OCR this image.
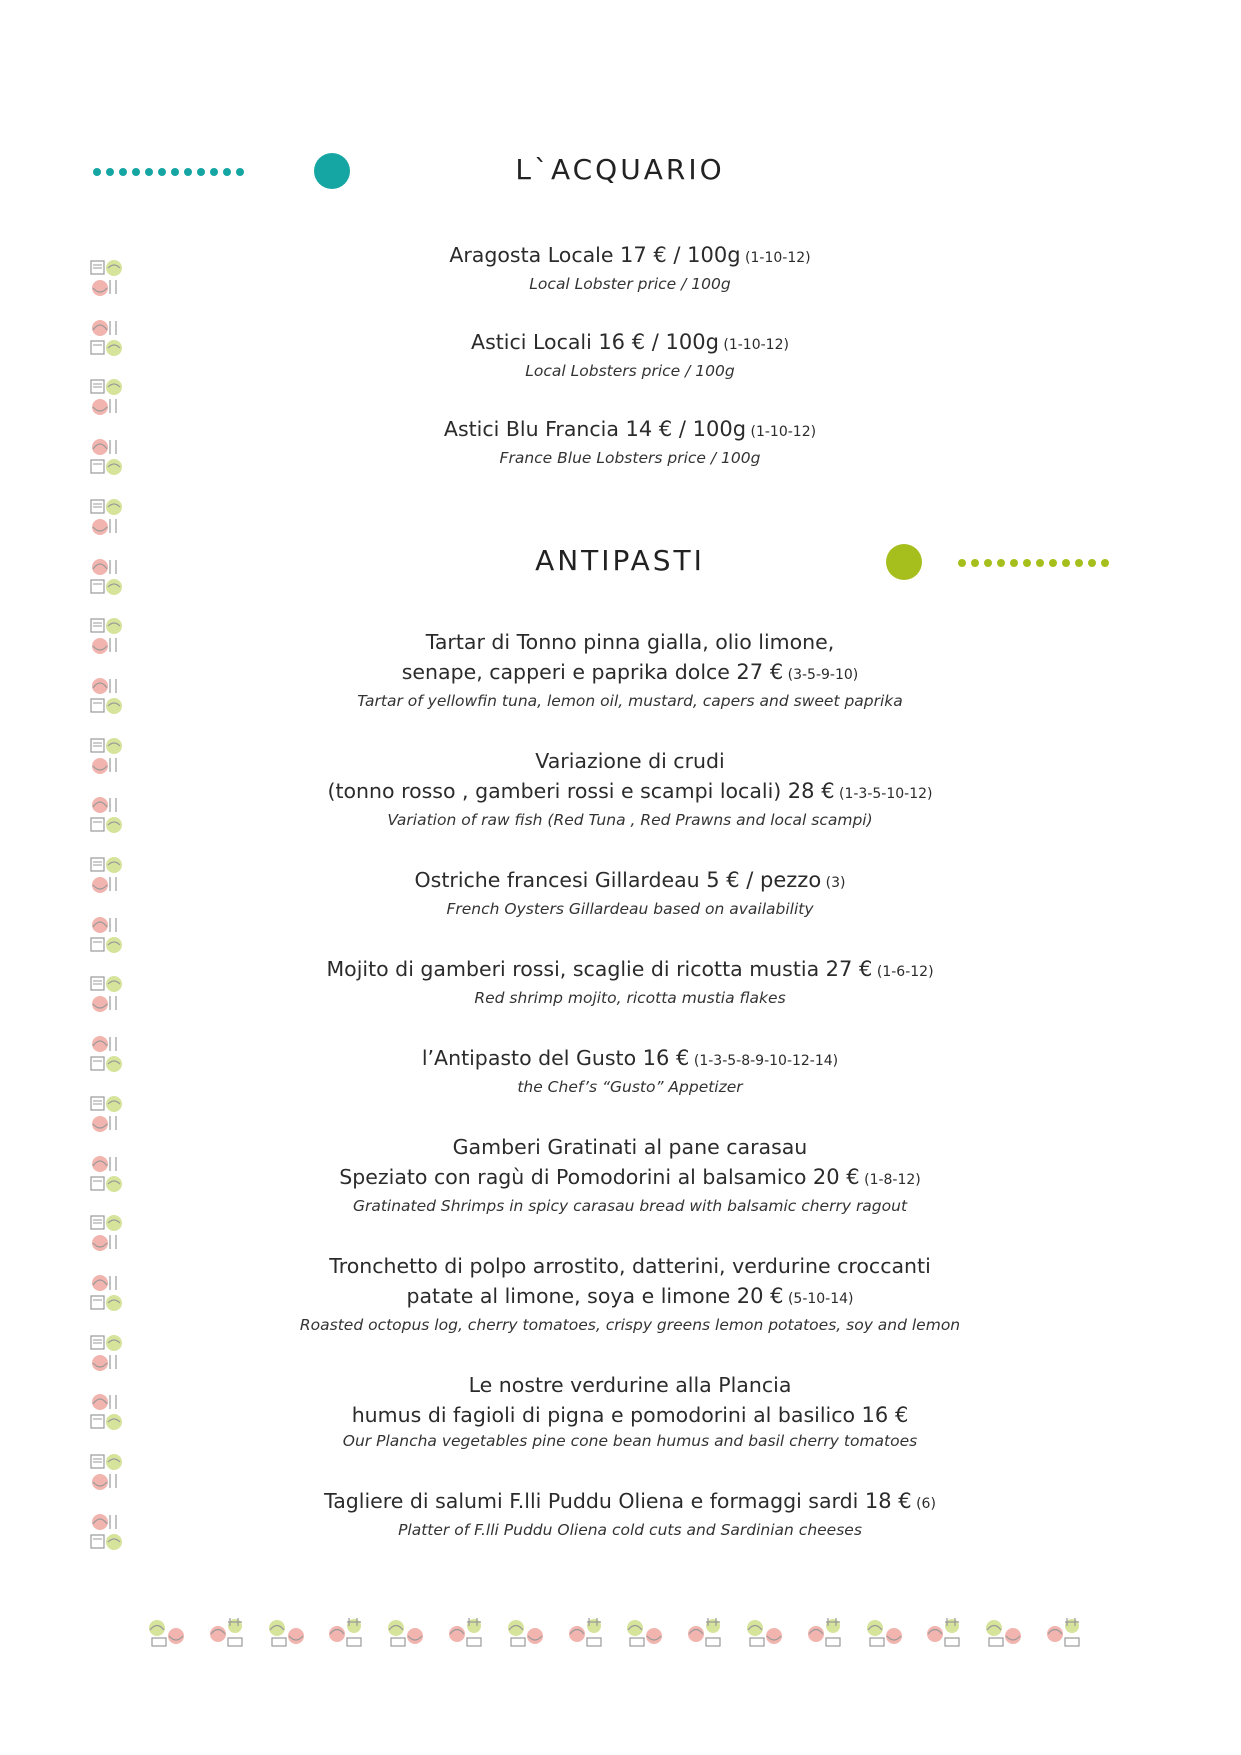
L`ACQUARIO
Aragosta Locale 17 € / 100g (1-10-12)
Local Lobster price / 100g
Astici Locali 16 € / 100g (1-10-12)
Local Lobsters price / 100g
Astici Blu Francia 14 € / 100g (1-10-12)
France Blue Lobsters price / 100g
ANTIPASTI
Tartar di Tonno pinna gialla, olio limone,
senape, capperi e paprika dolce 27 € (3-5-9-10)
Tartar of yellowfin tuna, lemon oil, mustard, capers and sweet paprika
Variazione di crudi
(tonno rosso , gamberi rossi e scampi locali) 28 € (1-3-5-10-12)
Variation of raw fish (Red Tuna , Red Prawns and local scampi)
Ostriche francesi Gillardeau 5 € / pezzo (3)
French Oysters Gillardeau based on availability
Mojito di gamberi rossi, scaglie di ricotta mustia 27 € (1-6-12)
Red shrimp mojito, ricotta mustia flakes
l’Antipasto del Gusto 16 € (1-3-5-8-9-10-12-14)
the Chef’s “Gusto” Appetizer
Gamberi Gratinati al pane carasau
Speziato con ragù di Pomodorini al balsamico 20 € (1-8-12)
Gratinated Shrimps in spicy carasau bread with balsamic cherry ragout
Tronchetto di polpo arrostito, datterini, verdurine croccanti
patate al limone, soya e limone 20 € (5-10-14)
Roasted octopus log, cherry tomatoes, crispy greens lemon potatoes, soy and lemon
Le nostre verdurine alla Plancia
humus di fagioli di pigna e pomodorini al basilico 16 €
Our Plancha vegetables pine cone bean humus and basil cherry tomatoes
Tagliere di salumi F.lli Puddu Oliena e formaggi sardi 18 € (6)
Platter of F.lli Puddu Oliena cold cuts and Sardinian cheeses
